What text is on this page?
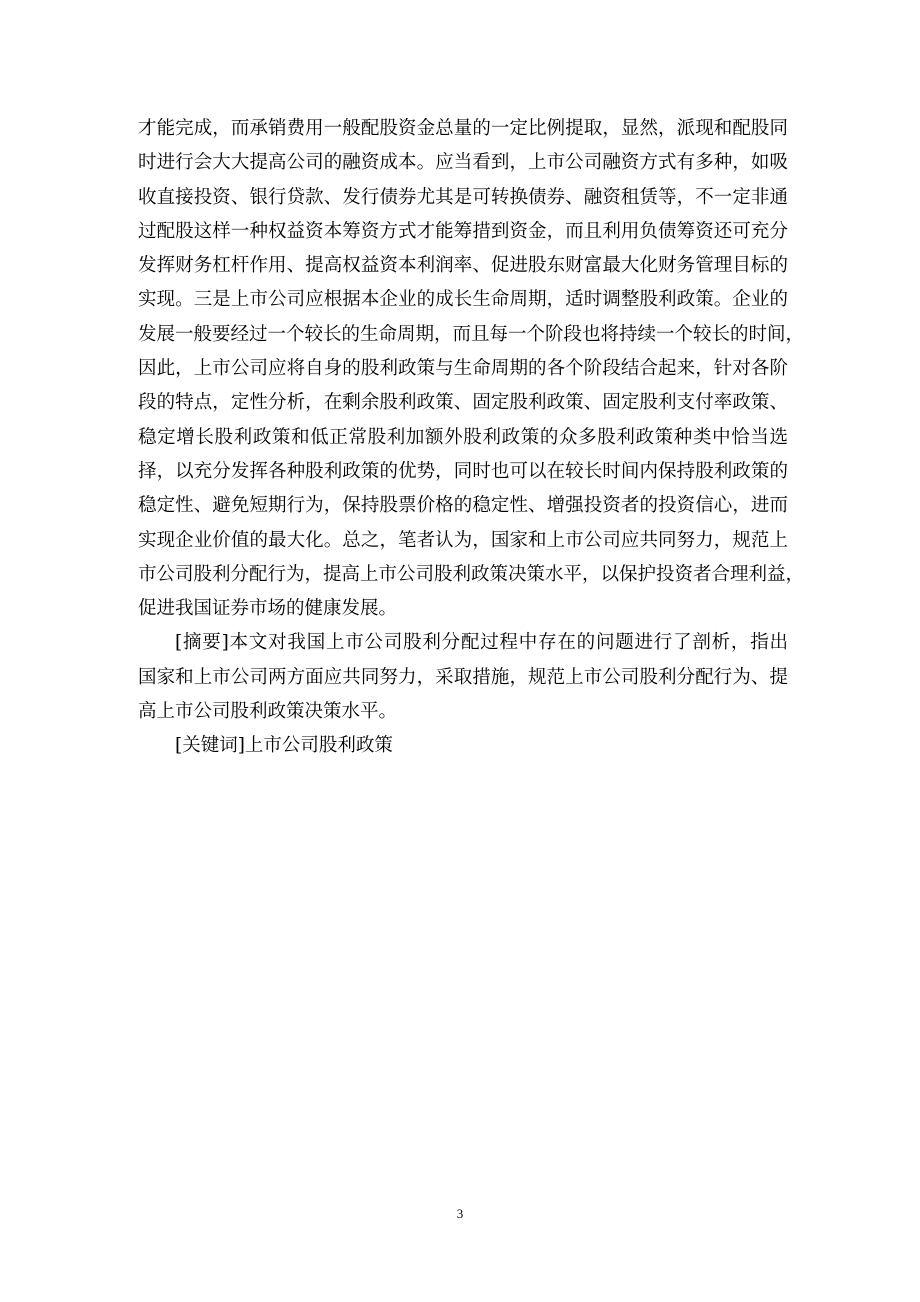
才能完成，而承销费用一般配股资金总量的一定比例提取，显然，派现和配股同
时进行会大大提高公司的融资成本。应当看到，上市公司融资方式有多种，如吸
收直接投资、银行贷款、发行债券尤其是可转换债券、融资租赁等，不一定非通
过配股这样一种权益资本筹资方式才能筹措到资金，而且利用负债筹资还可充分
发挥财务杠杆作用、提高权益资本利润率、促进股东财富最大化财务管理目标的
实现。三是上市公司应根据本企业的成长生命周期，适时调整股利政策。企业的
发展一般要经过一个较长的生命周期，而且每一个阶段也将持续一个较长的时间，
因此，上市公司应将自身的股利政策与生命周期的各个阶段结合起来，针对各阶
段的特点，定性分析，在剩余股利政策、固定股利政策、固定股利支付率政策、
稳定增长股利政策和低正常股利加额外股利政策的众多股利政策种类中恰当选
择，以充分发挥各种股利政策的优势，同时也可以在较长时间内保持股利政策的
稳定性、避免短期行为，保持股票价格的稳定性、增强投资者的投资信心，进而
实现企业价值的最大化。总之，笔者认为，国家和上市公司应共同努力，规范上
市公司股利分配行为，提高上市公司股利政策决策水平，以保护投资者合理利益，
促进我国证券市场的健康发展。
[摘要]本文对我国上市公司股利分配过程中存在的问题进行了剖析，指出
国家和上市公司两方面应共同努力，采取措施，规范上市公司股利分配行为、提
高上市公司股利政策决策水平。
[关键词]上市公司股利政策
3
